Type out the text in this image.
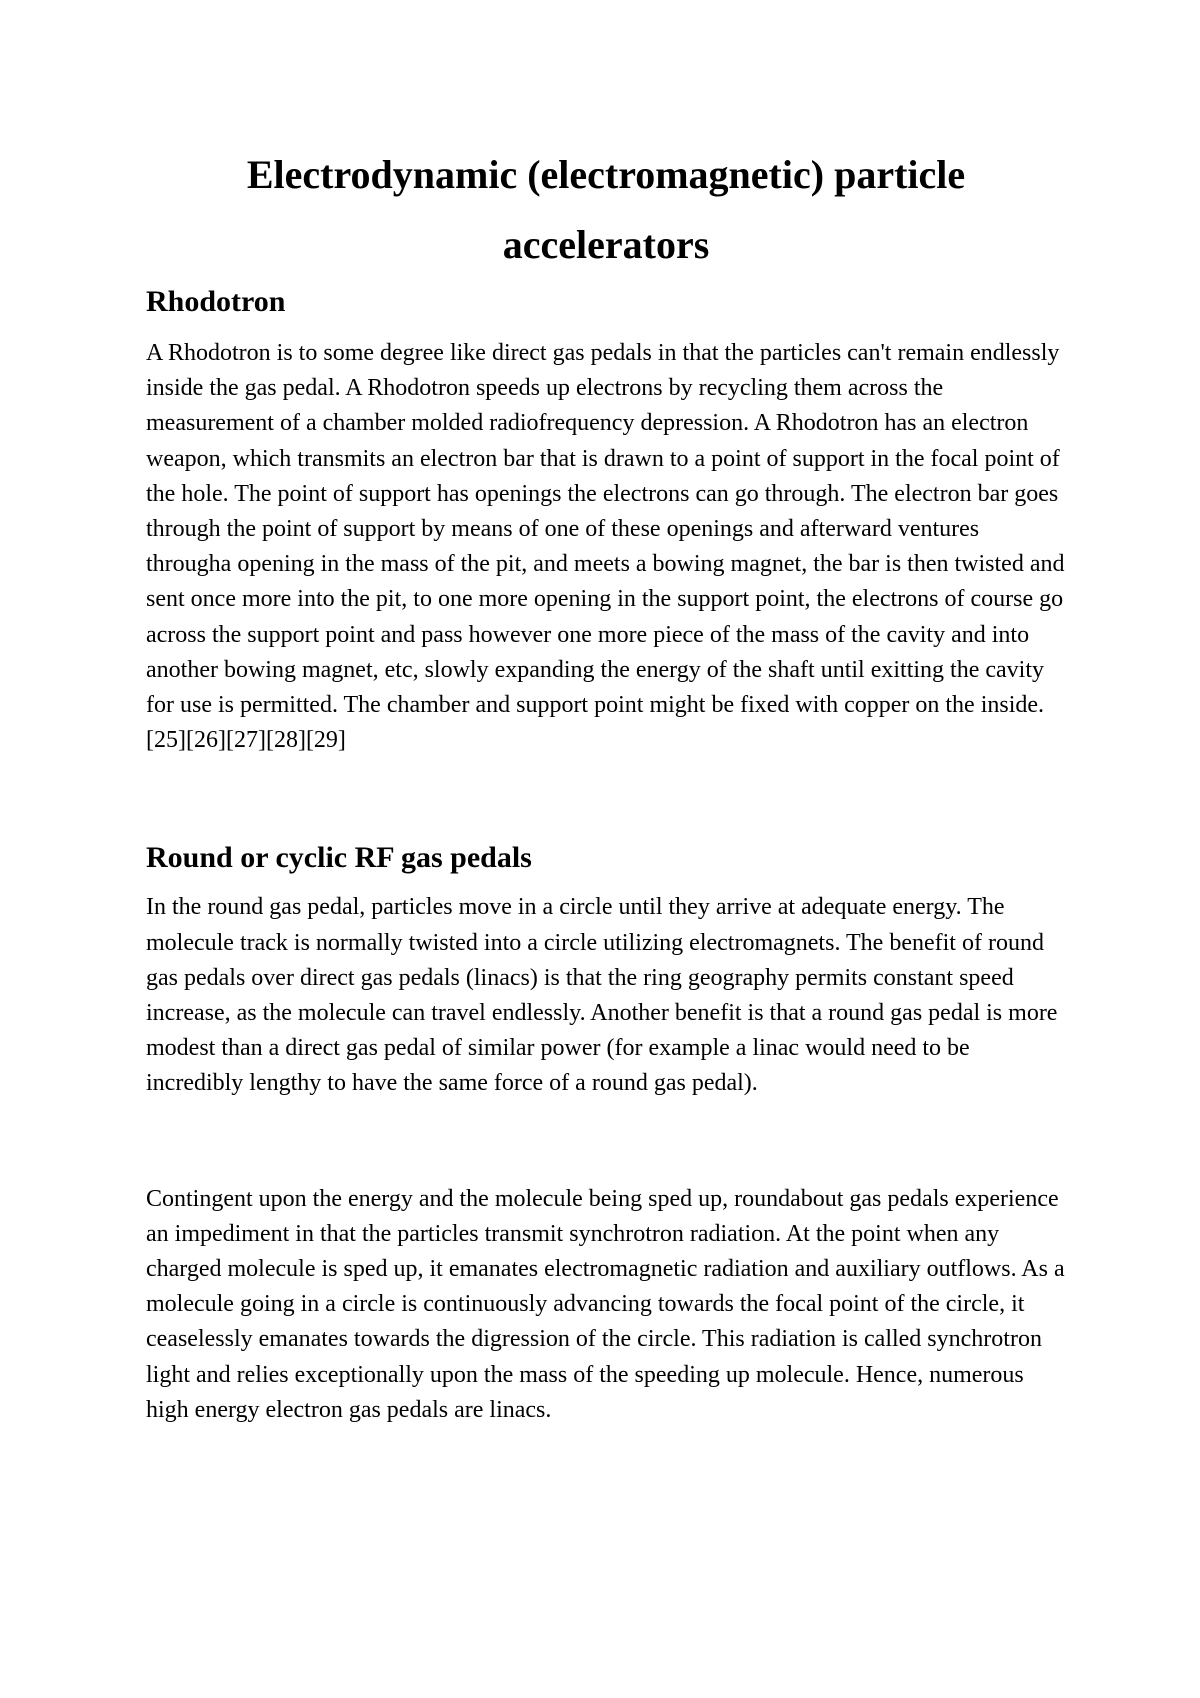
Electrodynamic (electromagnetic) particle accelerators
Rhodotron

A Rhodotron is to some degree like direct gas pedals in that the particles can't remain endlessly inside the gas pedal. A Rhodotron speeds up electrons by recycling them across the measurement of a chamber molded radiofrequency depression. A Rhodotron has an electron weapon, which transmits an electron bar that is drawn to a point of support in the focal point of the hole. The point of support has openings the electrons can go through. The electron bar goes through the point of support by means of one of these openings and afterward ventures througha opening in the mass of the pit, and meets a bowing magnet, the bar is then twisted and sent once more into the pit, to one more opening in the support point, the electrons of course go across the support point and pass however one more piece of the mass of the cavity and into another bowing magnet, etc, slowly expanding the energy of the shaft until exitting the cavity for use is permitted. The chamber and support point might be fixed with copper on the inside.[25][26][27][28][29]

Round or cyclic RF gas pedals

In the round gas pedal, particles move in a circle until they arrive at adequate energy. The molecule track is normally twisted into a circle utilizing electromagnets. The benefit of round gas pedals over direct gas pedals (linacs) is that the ring geography permits constant speed increase, as the molecule can travel endlessly. Another benefit is that a round gas pedal is more modest than a direct gas pedal of similar power (for example a linac would need to be incredibly lengthy to have the same force of a round gas pedal).

Contingent upon the energy and the molecule being sped up, roundabout gas pedals experience an impediment in that the particles transmit synchrotron radiation. At the point when any charged molecule is sped up, it emanates electromagnetic radiation and auxiliary outflows. As a molecule going in a circle is continuously advancing towards the focal point of the circle, it ceaselessly emanates towards the digression of the circle. This radiation is called synchrotron light and relies exceptionally upon the mass of the speeding up molecule. Hence, numerous high energy electron gas pedals are linacs.
